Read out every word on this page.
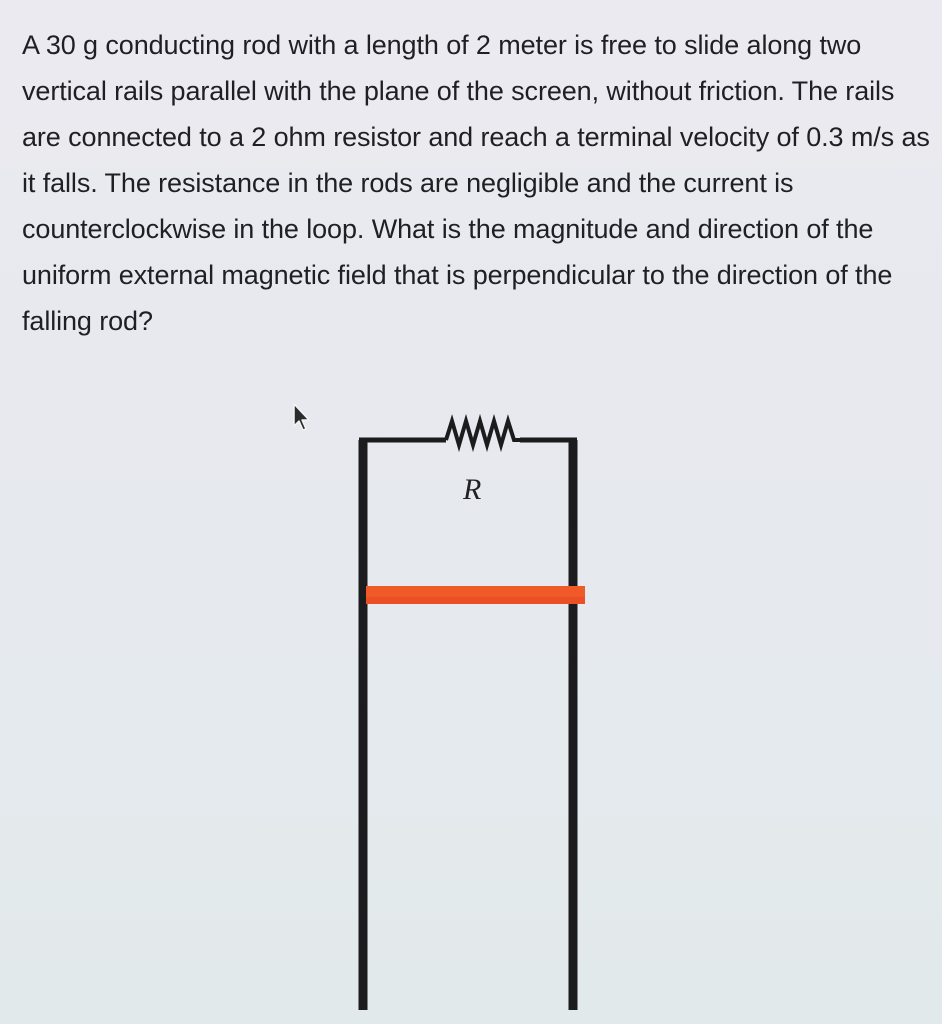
A 30 g conducting rod with a length of 2 meter is free to slide along two vertical rails parallel with the plane of the screen, without friction. The rails are connected to a 2 ohm resistor and reach a terminal velocity of 0.3 m/s as it falls. The resistance in the rods are negligible and the current is counterclockwise in the loop. What is the magnitude and direction of the uniform external magnetic field that is perpendicular to the direction of the falling rod?

R
